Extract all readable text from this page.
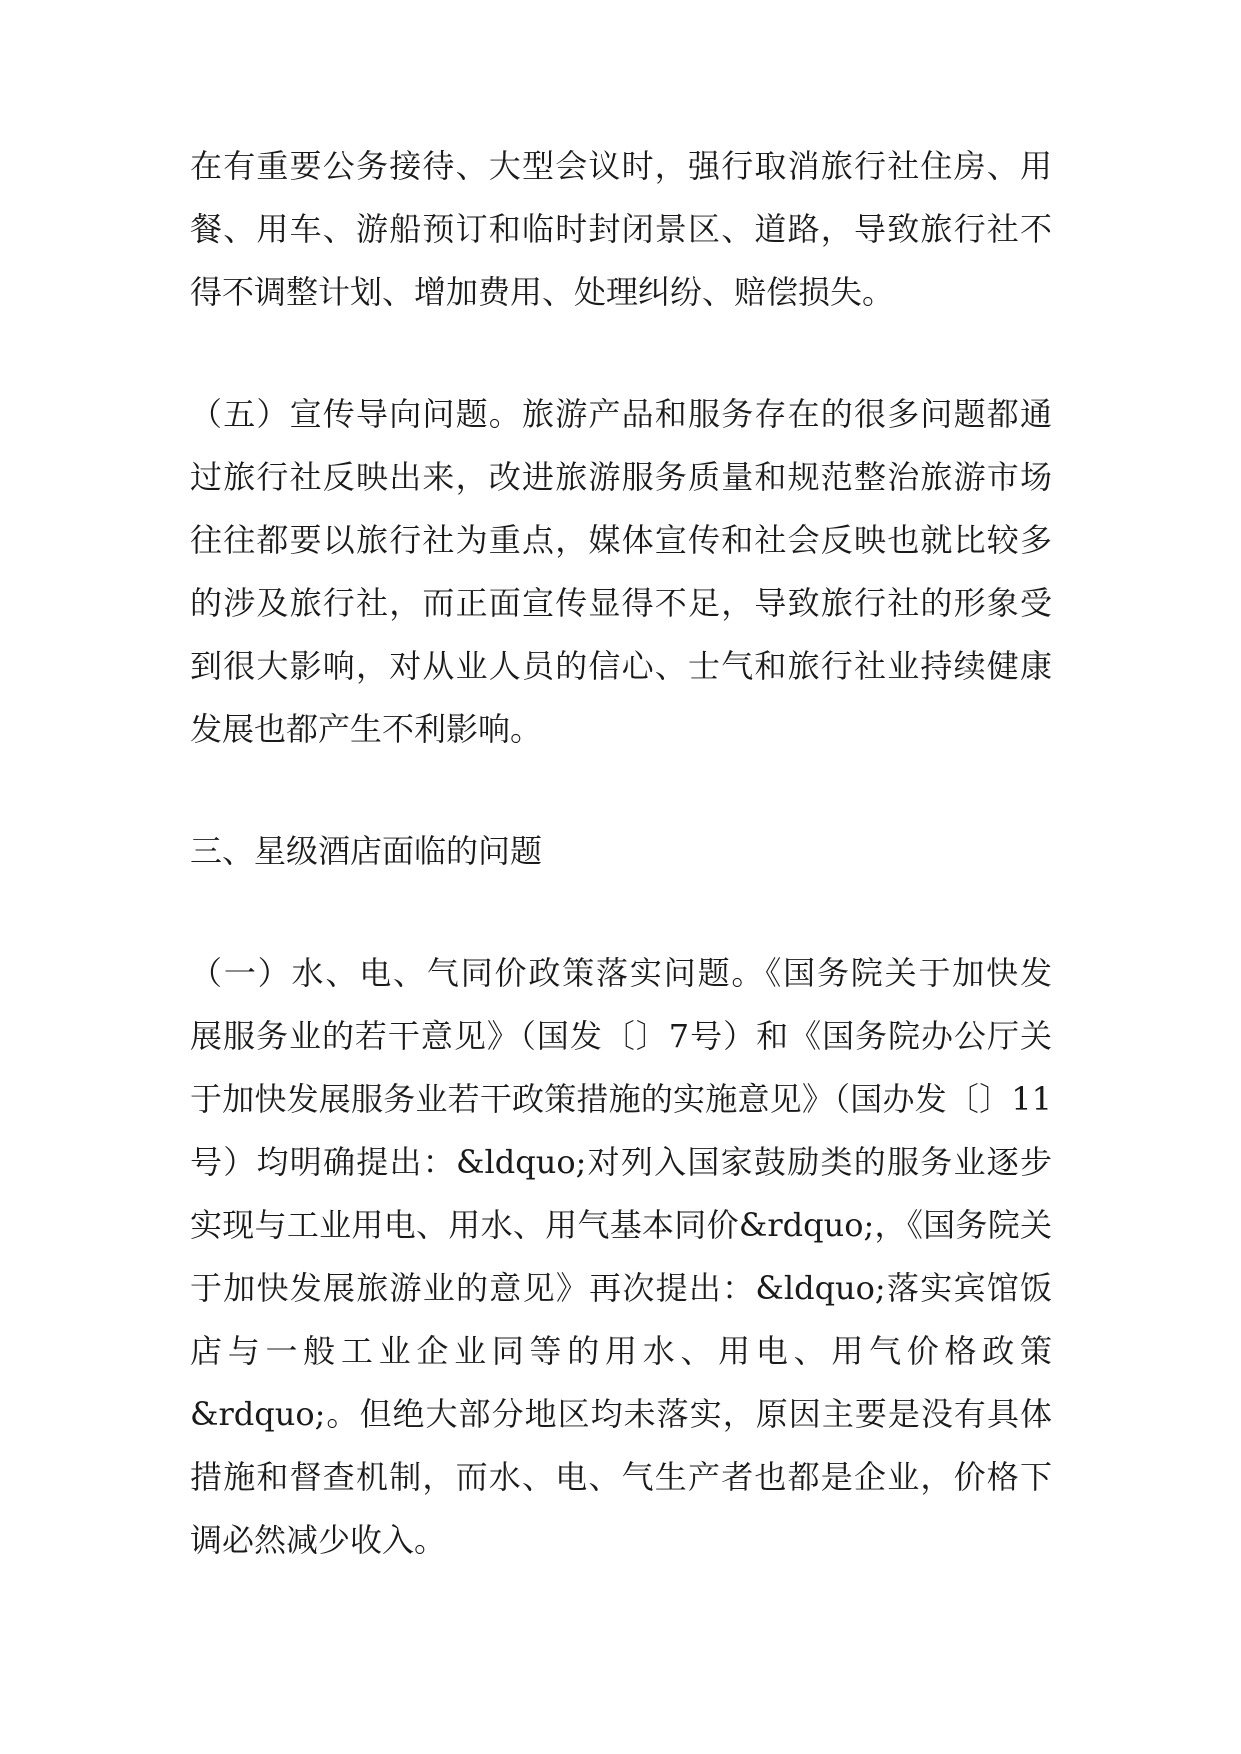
在有重要公务接待、大型会议时，强行取消旅行社住房、用
餐、用车、游船预订和临时封闭景区、道路，导致旅行社不
得不调整计划、增加费用、处理纠纷、赔偿损失。
（五）宣传导向问题。旅游产品和服务存在的很多问题都通
过旅行社反映出来，改进旅游服务质量和规范整治旅游市场
往往都要以旅行社为重点，媒体宣传和社会反映也就比较多
的涉及旅行社，而正面宣传显得不足，导致旅行社的形象受
到很大影响，对从业人员的信心、士气和旅行社业持续健康
发展也都产生不利影响。
三、星级酒店面临的问题
（一）水、电、气同价政策落实问题。《国务院关于加快发
展服务业的若干意见》（国发〔〕7号）和《国务院办公厅关
于加快发展服务业若干政策措施的实施意见》（国办发〔〕11
号）均明确提出：&ldquo;对列入国家鼓励类的服务业逐步
实现与工业用电、用水、用气基本同价&rdquo;，《国务院关
于加快发展旅游业的意见》再次提出：&ldquo;落实宾馆饭
店与一般工业企业同等的用水、用电、用气价格政策
&rdquo;。但绝大部分地区均未落实，原因主要是没有具体
措施和督查机制，而水、电、气生产者也都是企业，价格下
调必然减少收入。
